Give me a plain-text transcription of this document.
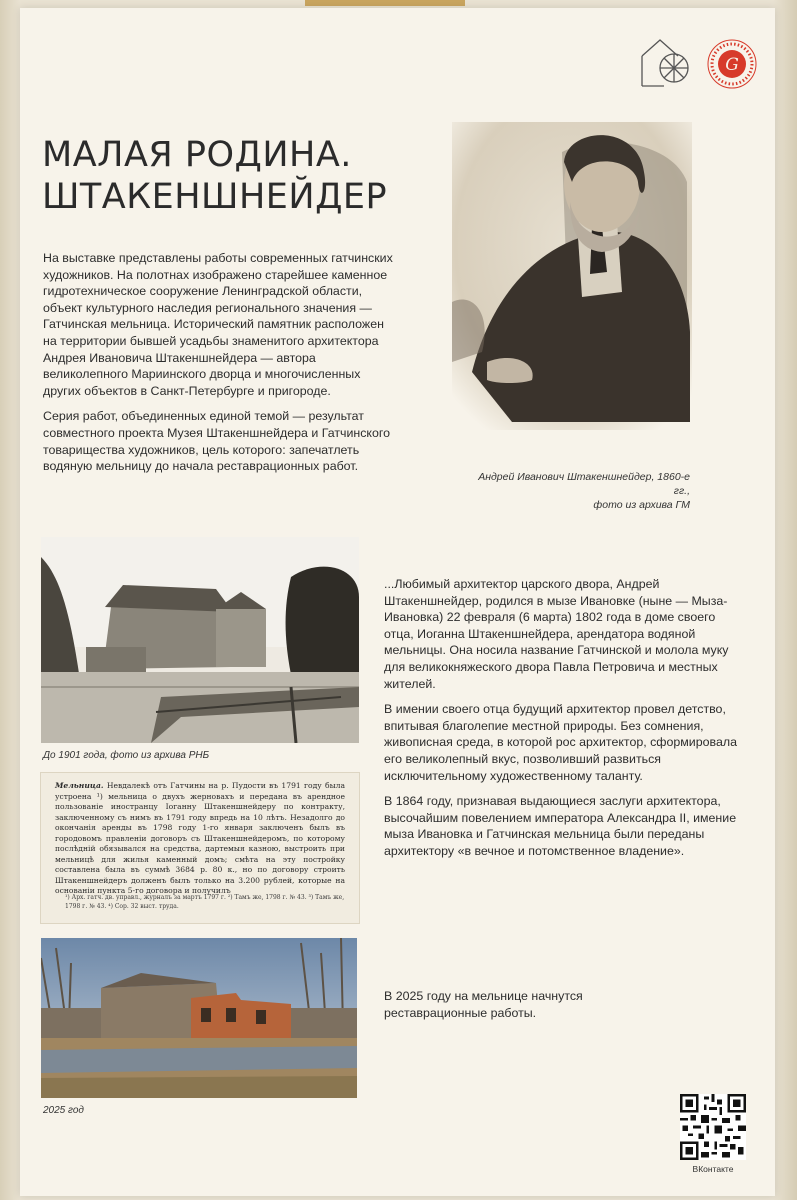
G
МАЛАЯ РОДИНА.
ШТАКЕНШНЕЙДЕР

На выставке представлены работы современных гатчинских художников. На полотнах изображено старейшее каменное гидротехническое сооружение Ленинградской области, объект культурного наследия регионального значения — Гатчинская мельница. Исторический памятник расположен на территории бывшей усадьбы знаменитого архитектора Андрея Ивановича Штакеншнейдера — автора великолепного Мариинского дворца и многочисленных других объектов в Санкт-Петербурге и пригороде.

Серия работ, объединенных единой темой — результат совместного проекта Музея Штакеншнейдера и Гатчинского товарищества художников, цель которого: запечатлеть водяную мельницу до начала реставрационных работ.

Андрей Иванович Штакеншнейдер, 1860-е гг.,
фото из архива ГМ
До 1901 года, фото из архива РНБ
Мельница. Невдалекѣ отъ Гатчины на р. Пудости въ 1791 году была устроена ¹) мельница о двухъ жерновахъ и передана въ арендное пользованiе иностранцу Iоганну Штакеншнейдеру по контракту, заключенному съ нимъ въ 1791 году впредь на 10 лѣтъ. Незадолго до окончанiя аренды въ 1798 году 1-го января заключенъ былъ въ городовомъ правленiи договоръ съ Штакеншнейдеромъ, по которому послѣднiй обязывался на средства, дартемыя казною, выстроить при мельницѣ для жилья каменный домъ; смѣта на эту постройку составлена была въ суммѣ 3684 р. 80 к., но по договору строить Штакеншнейдеръ долженъ былъ только на 3.200 рублей, которые на основанiи пункта 5-го договора и получилъ
¹) Арх. гатч. дв. управл., журналъ за мартъ 1797 г. ²) Тамъ же, 1798 г. № 43. ³) Тамъ же, 1798 г. № 43. ⁴) Сор. 32 выст. труда.
2025 год

...Любимый архитектор царского двора, Андрей Штакеншнейдер, родился в мызе Ивановке (ныне — Мыза-Ивановка) 22 февраля (6 марта) 1802 года в доме своего отца, Иоганна Штакеншнейдера, арендатора водяной мельницы. Она носила название Гатчинской и молола муку для великокняжеского двора Павла Петровича и местных жителей.

В имении своего отца будущий архитектор провел детство, впитывая благолепие местной природы. Без сомнения, живописная среда, в которой рос архитектор, сформировала его великолепный вкус, позволивший развиться исключительному художественному таланту.

В 1864 году, признавая выдающиеся заслуги архитектора, высочайшим повелением императора Александра II, имение мыза Ивановка и Гатчинская мельница были переданы архитектору «в вечное и потомственное владение».

В 2025 году на мельнице начнутся реставрационные работы.
ВКонтакте
